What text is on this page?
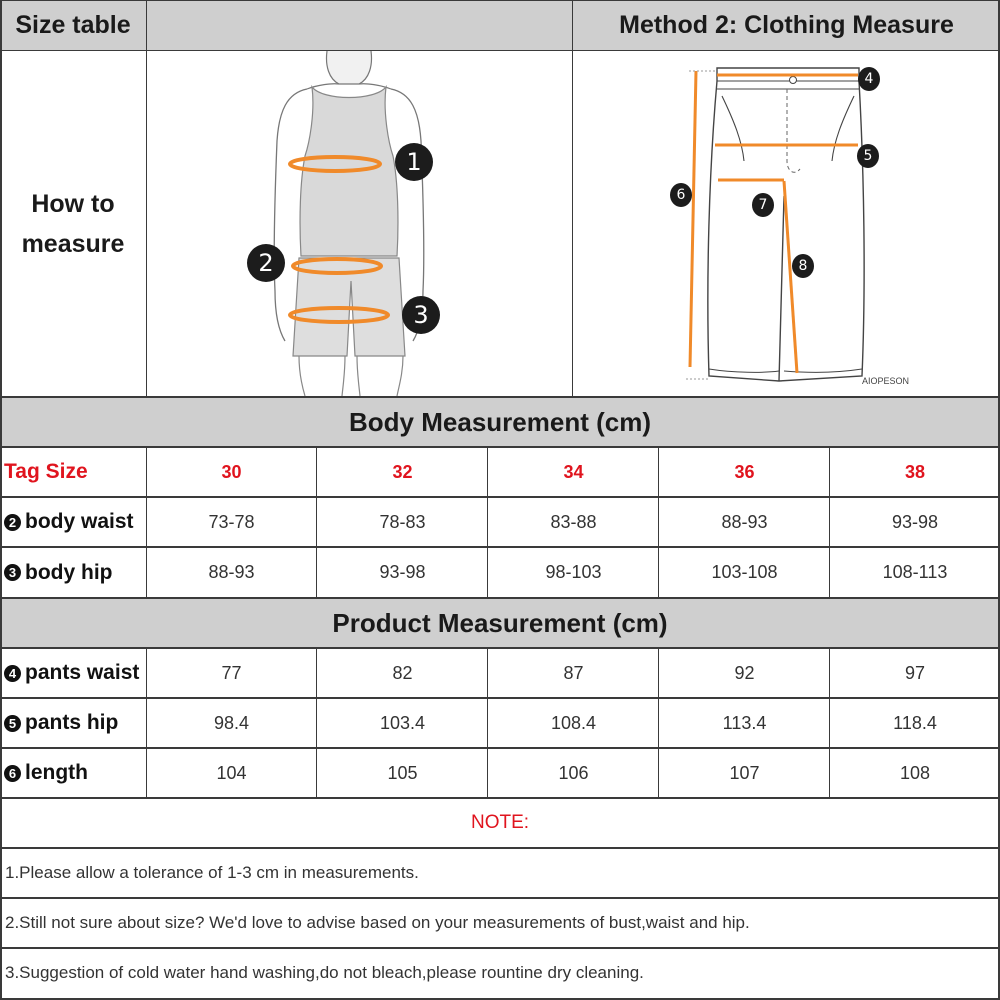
Size table	Method 2: Clothing Measure
How to measure
1
2
3
4
5
6
7
8
AIOPESON
Body Measurement (cm)
Product Measurement (cm)
Tag Size	30	32	34	36	38
2 body waist	73-78	78-83	83-88	88-93	93-98
3 body hip	88-93	93-98	98-103	103-108	108-113
4 pants waist	77	82	87	92	97
5 pants hip	98.4	103.4	108.4	113.4	118.4
6 length	104	105	106	107	108
NOTE:
1.Please allow a tolerance of 1-3 cm in measurements.
2.Still not sure about size? We'd love to advise based on your measurements of bust,waist and hip.
3.Suggestion of cold water hand washing,do not bleach,please rountine dry cleaning.
